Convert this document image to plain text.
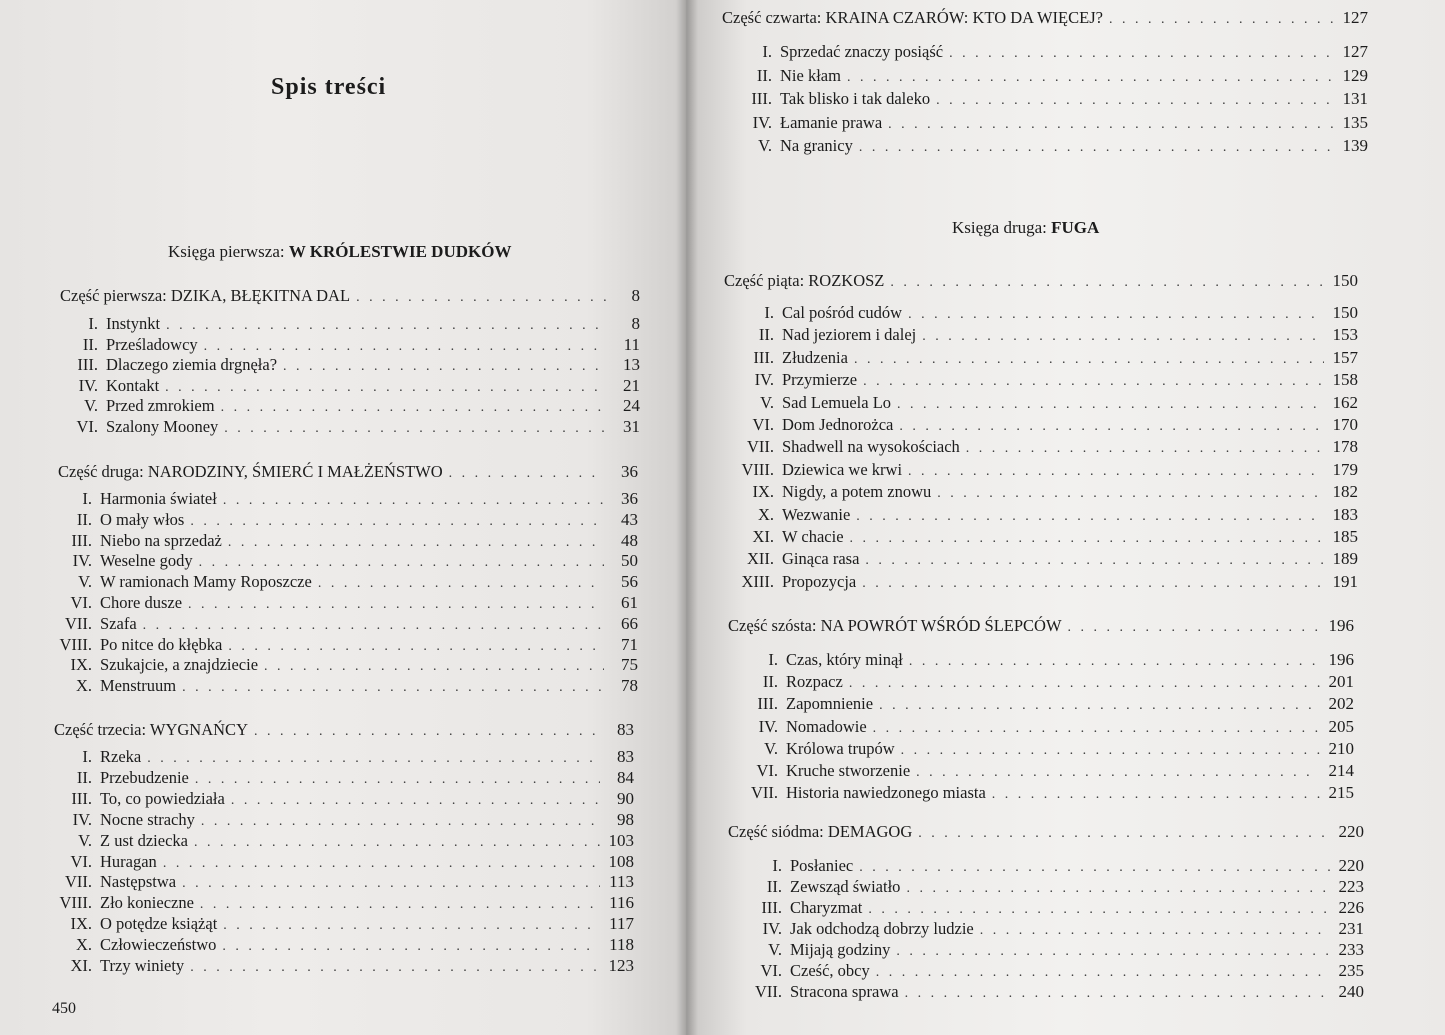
Spis treści
Księga pierwsza: W KRÓLESTWIE DUDKÓW
Część pierwsza: DZIKA, BŁĘKITNA DAL . . .	8
I. Instynkt . . .	8
II. Prześladowcy . . .	11
III. Dlaczego ziemia drgnęła? . . .	13
IV. Kontakt . . .	21
V. Przed zmrokiem . . .	24
VI. Szalony Mooney . . .	31
Część druga: NARODZINY, ŚMIERĆ I MAŁŻEŃSTWO . . .	36
I. Harmonia świateł . . .	36
II. O mały włos . . .	43
III. Niebo na sprzedaż . . .	48
IV. Weselne gody . . .	50
V. W ramionach Mamy Roposzcze . . .	56
VI. Chore dusze . . .	61
VII. Szafa . . .	66
VIII. Po nitce do kłębka . . .	71
IX. Szukajcie, a znajdziecie . . .	75
X. Menstruum . . .	78
Część trzecia: WYGNAŃCY . . .	83
I. Rzeka . . .	83
II. Przebudzenie . . .	84
III. To, co powiedziała . . .	90
IV. Nocne strachy . . .	98
V. Z ust dziecka . . .	103
VI. Huragan . . .	108
VII. Następstwa . . .	113
VIII. Zło konieczne . . .	116
IX. O potędze książąt . . .	117
X. Człowieczeństwo . . .	118
XI. Trzy winiety . . .	123
450
Księga druga: FUGA
Część czwarta: KRAINA CZARÓW: KTO DA WIĘCEJ? . . .	127
I. Sprzedać znaczy posiąść . . .	127
II. Nie kłam . . .	129
III. Tak blisko i tak daleko . . .	131
IV. Łamanie prawa . . .	135
V. Na granicy . . .	139
Część piąta: ROZKOSZ . . .	150
I. Cal pośród cudów . . .	150
II. Nad jeziorem i dalej . . .	153
III. Złudzenia . . .	157
IV. Przymierze . . .	158
V. Sad Lemuela Lo . . .	162
VI. Dom Jednorożca . . .	170
VII. Shadwell na wysokościach . . .	178
VIII. Dziewica we krwi . . .	179
IX. Nigdy, a potem znowu . . .	182
X. Wezwanie . . .	183
XI. W chacie . . .	185
XII. Ginąca rasa . . .	189
XIII. Propozycja . . .	191
Część szósta: NA POWRÓT WŚRÓD ŚLEPCÓW . . .	196
I. Czas, który minął . . .	196
II. Rozpacz . . .	201
III. Zapomnienie . . .	202
IV. Nomadowie . . .	205
V. Królowa trupów . . .	210
VI. Kruche stworzenie . . .	214
VII. Historia nawiedzonego miasta . . .	215
Część siódma: DEMAGOG . . .	220
I. Posłaniec . . .	220
II. Zewsząd światło . . .	223
III. Charyzmat . . .	226
IV. Jak odchodzą dobrzy ludzie . . .	231
V. Mijają godziny . . .	233
VI. Cześć, obcy . . .	235
VII. Stracona sprawa . . .	240
